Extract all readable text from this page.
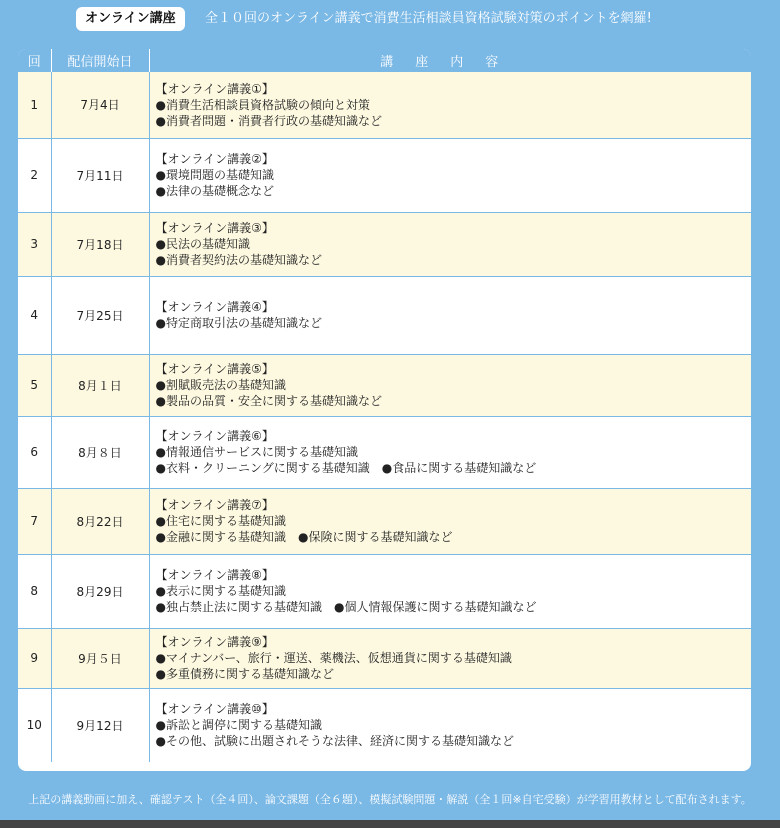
オンライン講座	全１０回のオンライン講義で消費生活相談員資格試験対策のポイントを網羅!
回	配信開始日	講座内容
1	7月4日	【オンライン講義①】
●消費生活相談員資格試験の傾向と対策
●消費者問題・消費者行政の基礎知識など

2	7月11日	【オンライン講義②】
●環境問題の基礎知識
●法律の基礎概念など

3	7月18日	【オンライン講義③】
●民法の基礎知識
●消費者契約法の基礎知識など

4	7月25日	【オンライン講義④】
●特定商取引法の基礎知識など

5	8月１日	【オンライン講義⑤】
●割賦販売法の基礎知識
●製品の品質・安全に関する基礎知識など

6	8月８日	【オンライン講義⑥】
●情報通信サービスに関する基礎知識
●衣料・クリーニングに関する基礎知識　●食品に関する基礎知識など

7	8月22日	【オンライン講義⑦】
●住宅に関する基礎知識
●金融に関する基礎知識　●保険に関する基礎知識など

8	8月29日	【オンライン講義⑧】
●表示に関する基礎知識
●独占禁止法に関する基礎知識　●個人情報保護に関する基礎知識など

9	9月５日	【オンライン講義⑨】
●マイナンバー、旅行・運送、薬機法、仮想通貨に関する基礎知識
●多重債務に関する基礎知識など

10	9月12日	【オンライン講義⑩】
●訴訟と調停に関する基礎知識
●その他、試験に出題されそうな法律、経済に関する基礎知識など
上記の講義動画に加え、確認テスト（全４回）、論文課題（全６題）、模擬試験問題・解説（全１回※自宅受験）が学習用教材として配布されます。
